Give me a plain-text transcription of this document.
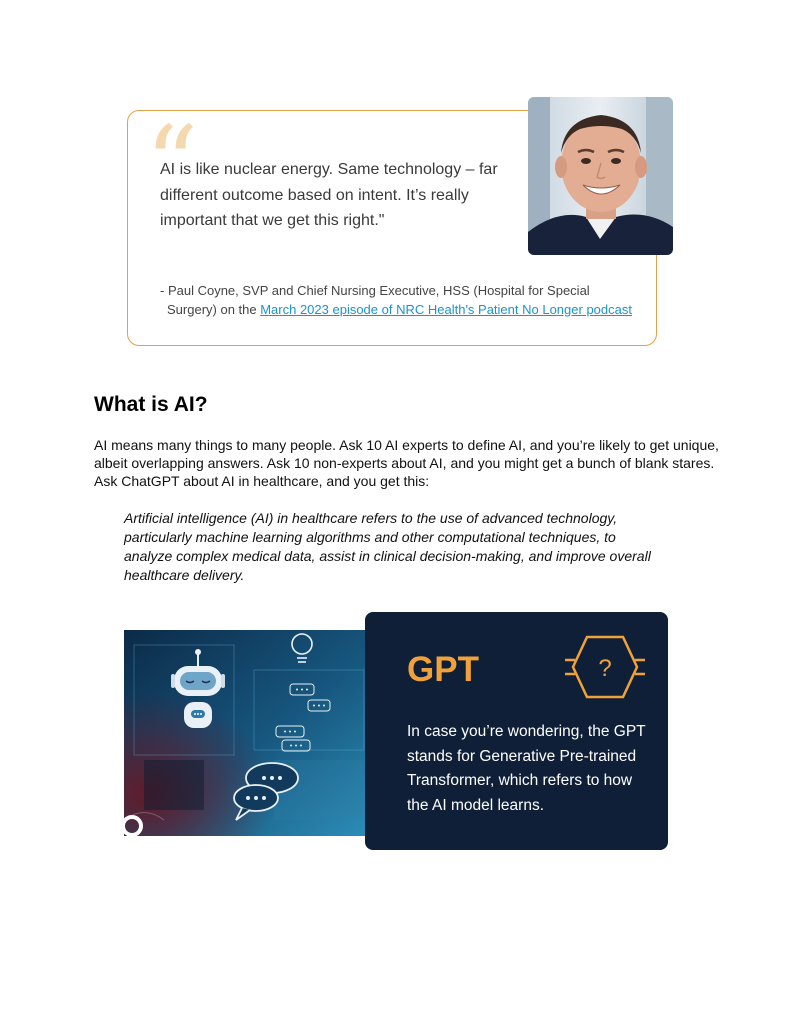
“
AI is like nuclear energy. Same technology – far different outcome based on intent. It’s really important that we get this right."
- Paul Coyne, SVP and Chief Nursing Executive, HSS (Hospital for Special
Surgery) on the March 2023 episode of NRC Health's Patient No Longer podcast
What is AI?

AI means many things to many people. Ask 10 AI experts to define AI, and you’re likely to get unique, albeit overlapping answers. Ask 10 non-experts about AI, and you might get a bunch of blank stares. Ask ChatGPT about AI in healthcare, and you get this:

Artificial intelligence (AI) in healthcare refers to the use of advanced technology, particularly machine learning algorithms and other computational techniques, to analyze complex medical data, assist in clinical decision-making, and improve overall healthcare delivery.

GPT	?
In case you’re wondering, the GPT stands for Generative Pre-trained Transformer, which refers to how the AI model learns.
